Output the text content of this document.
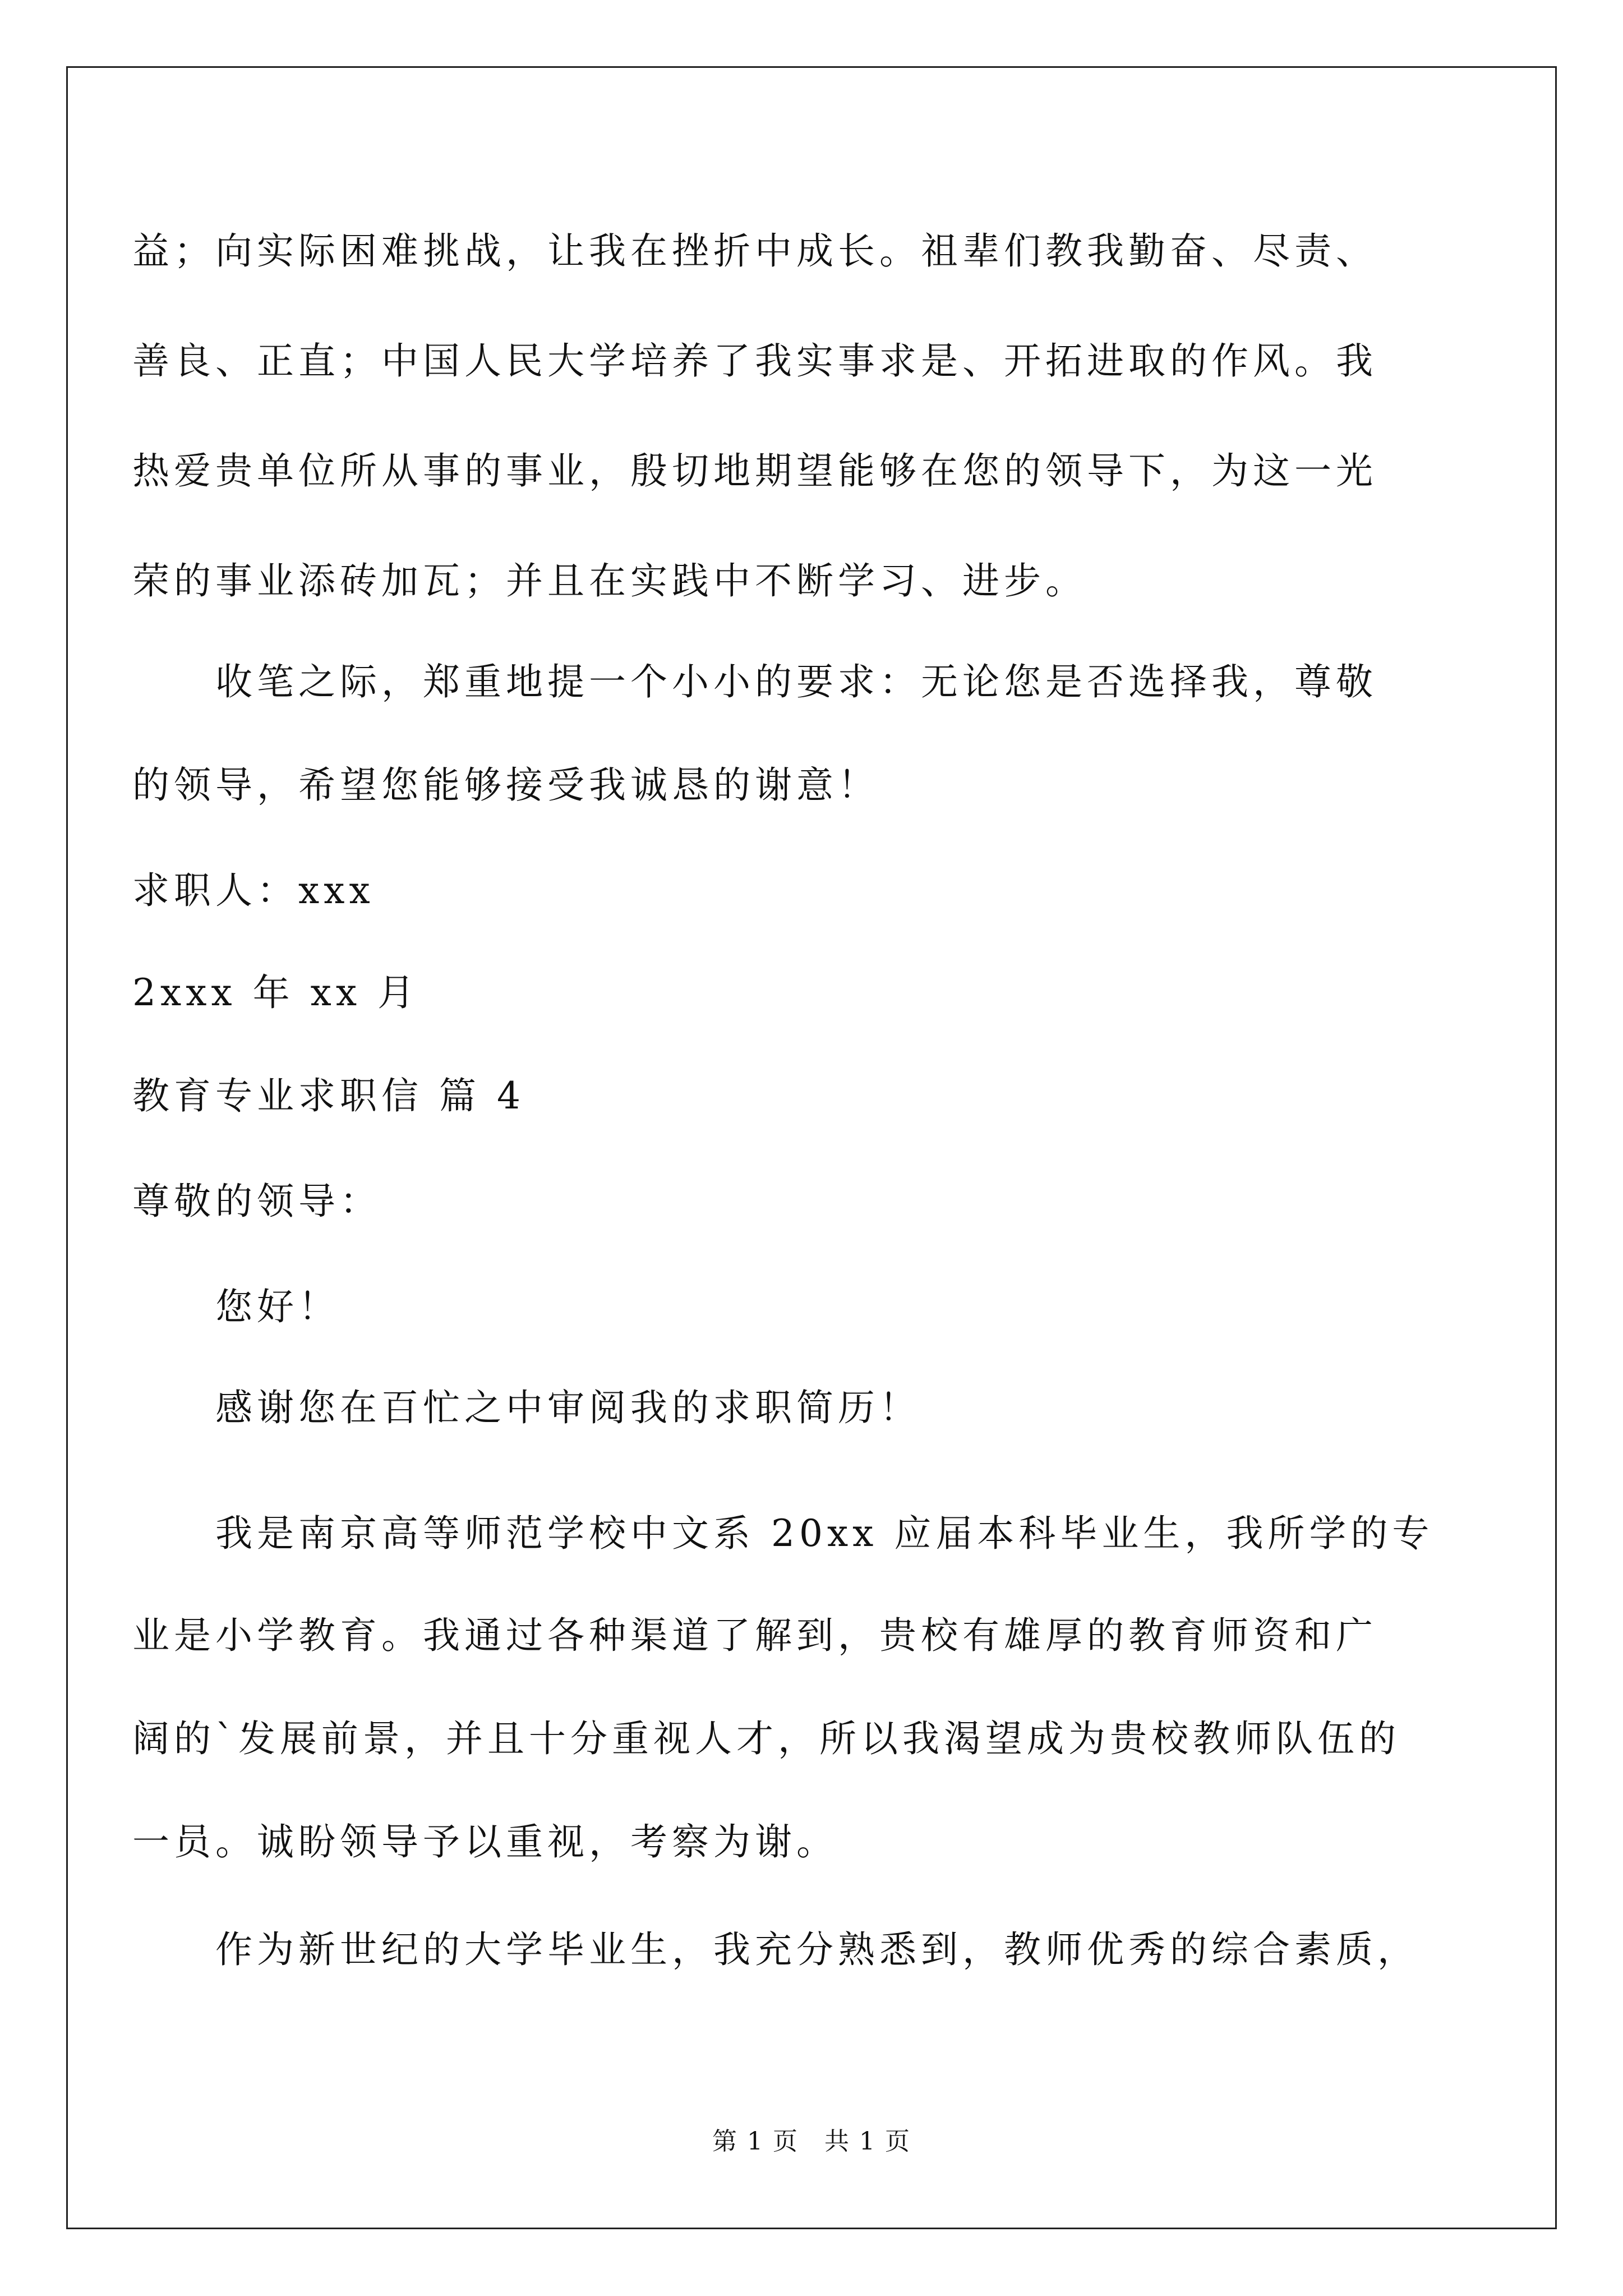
益；向实际困难挑战，让我在挫折中成长。祖辈们教我勤奋、尽责、
善良、正直；中国人民大学培养了我实事求是、开拓进取的作风。我
热爱贵单位所从事的事业，殷切地期望能够在您的领导下，为这一光
荣的事业添砖加瓦；并且在实践中不断学习、进步。
收笔之际，郑重地提一个小小的要求：无论您是否选择我，尊敬
的领导，希望您能够接受我诚恳的谢意！
求职人：xxx
2xxx 年 xx 月
教育专业求职信 篇 4
尊敬的领导：
您好！
感谢您在百忙之中审阅我的求职简历！
我是南京高等师范学校中文系 20xx 应届本科毕业生，我所学的专
业是小学教育。我通过各种渠道了解到，贵校有雄厚的教育师资和广
阔的`发展前景，并且十分重视人才，所以我渴望成为贵校教师队伍的
一员。诚盼领导予以重视，考察为谢。
作为新世纪的大学毕业生，我充分熟悉到，教师优秀的综合素质，
第 1 页　共 1 页
